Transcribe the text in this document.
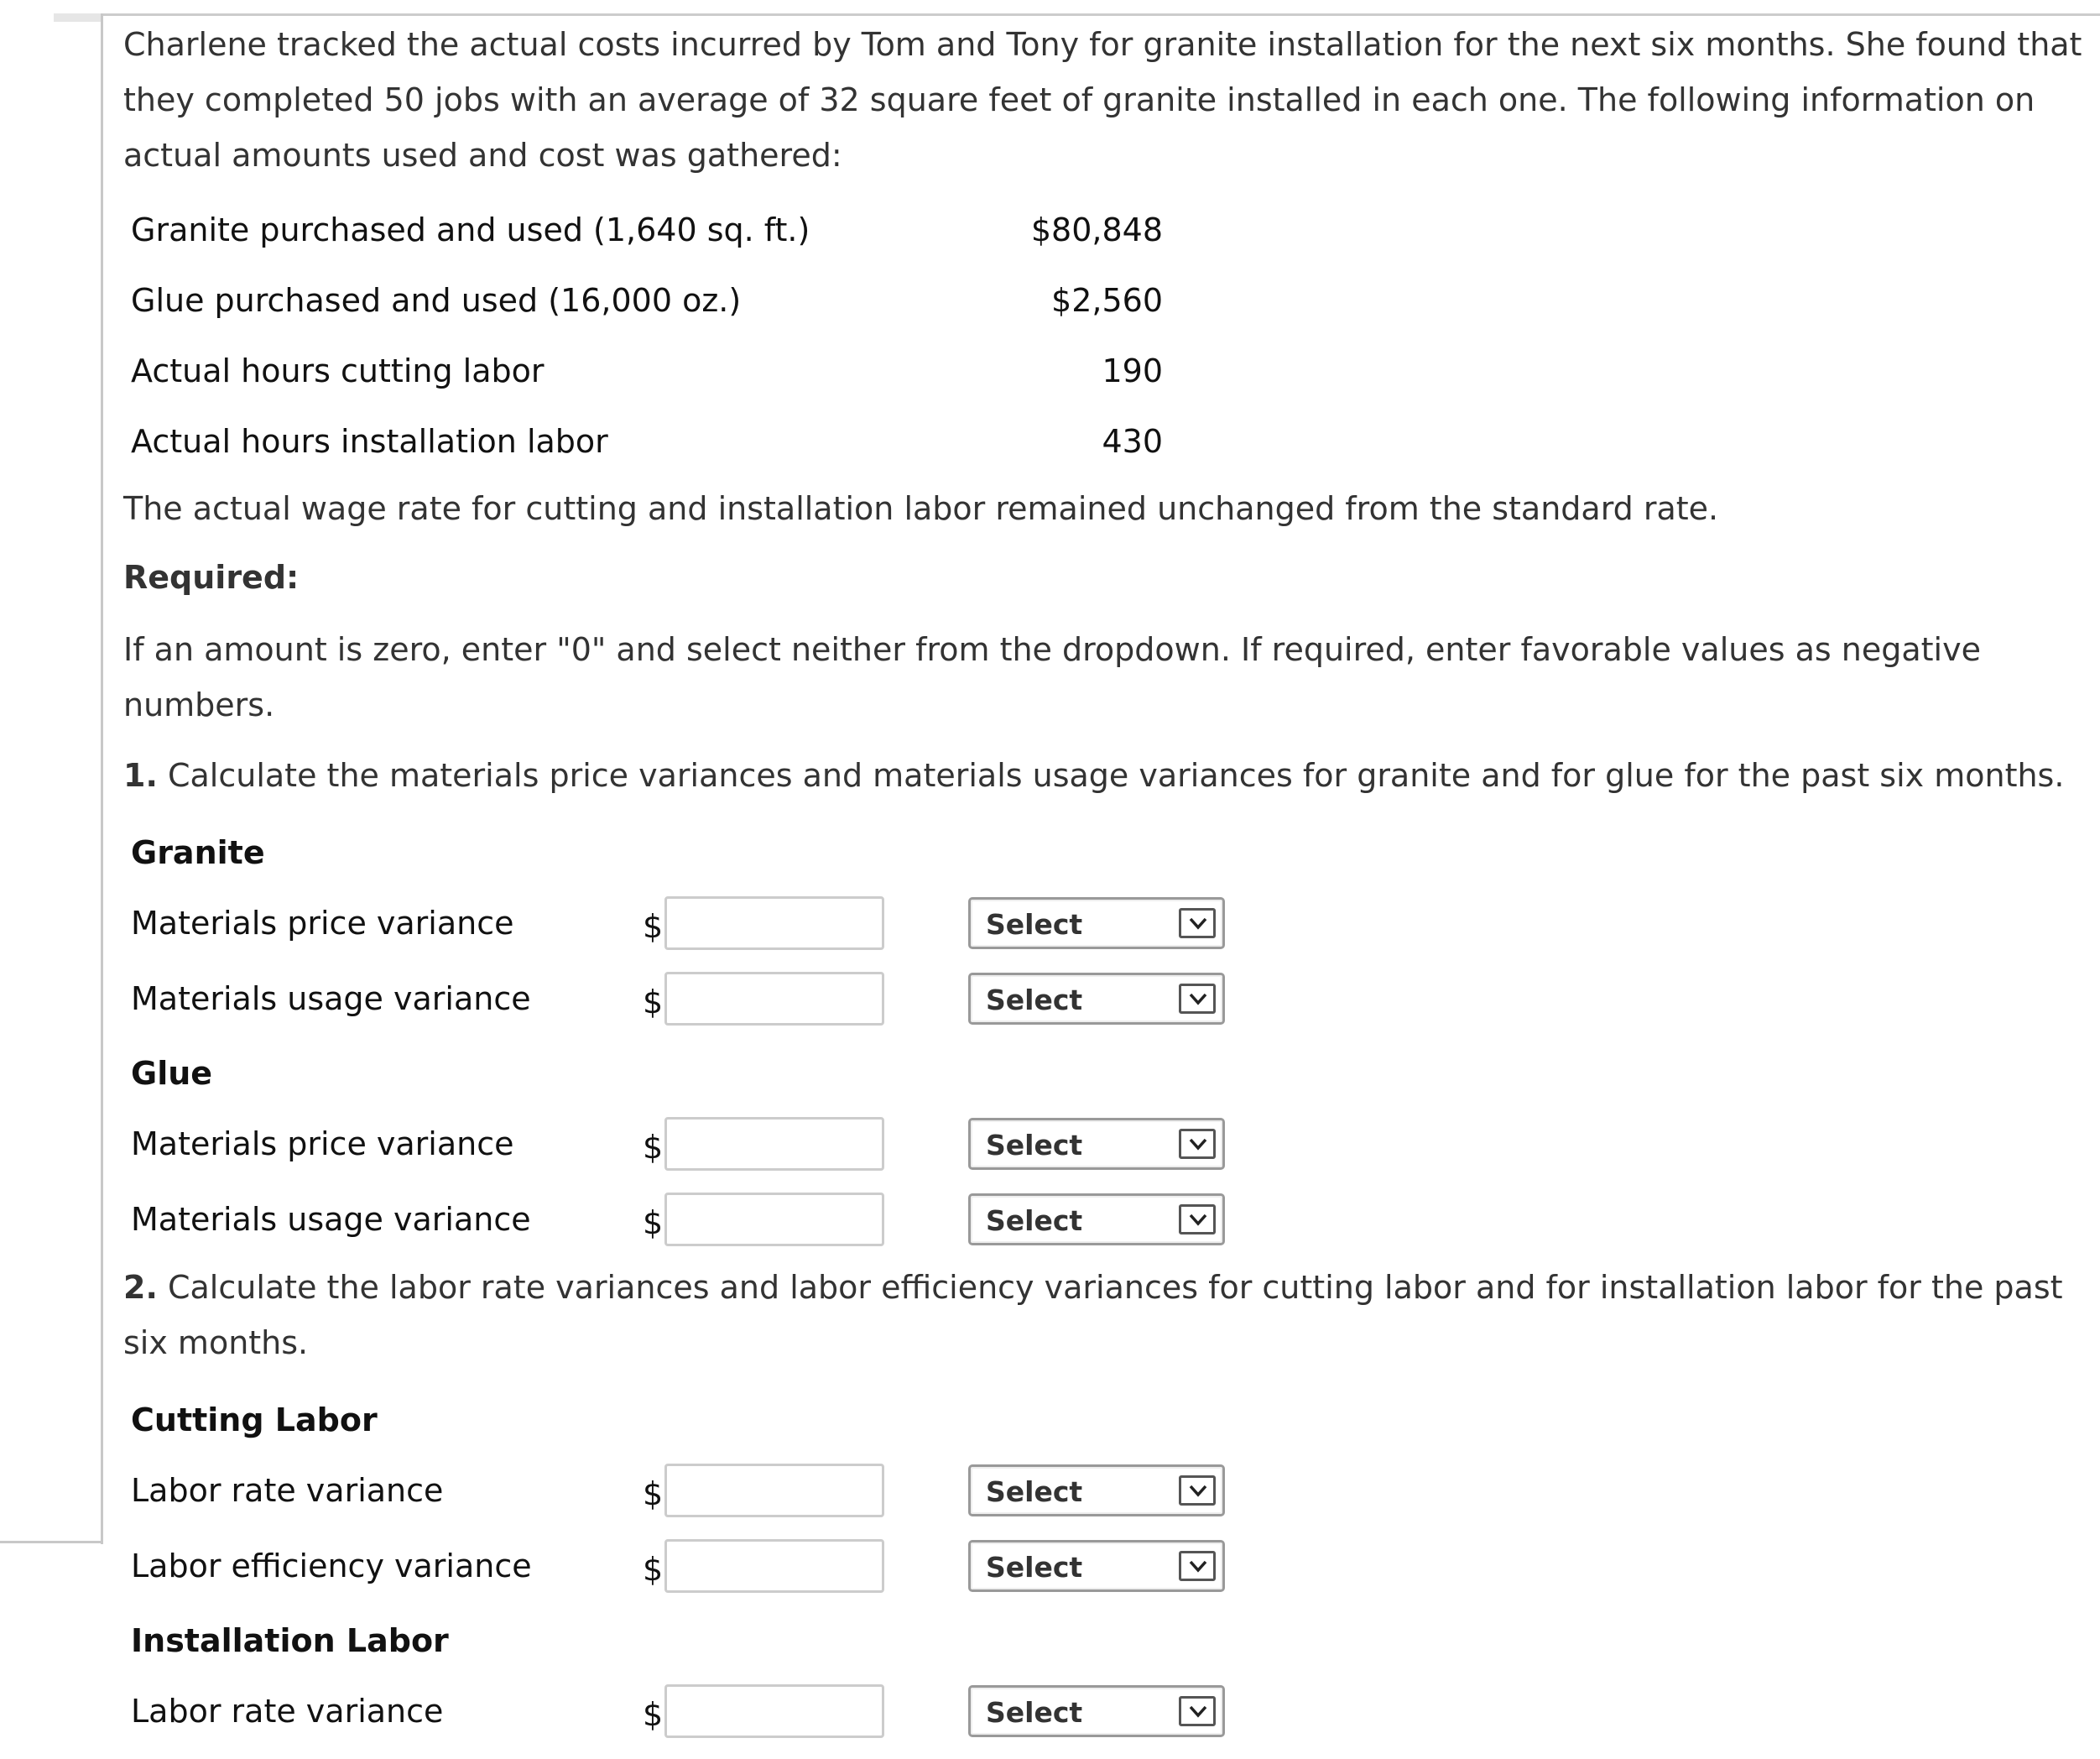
Charlene tracked the actual costs incurred by Tom and Tony for granite installation for the next six months. She found that
they completed 50 jobs with an average of 32 square feet of granite installed in each one. The following information on
actual amounts used and cost was gathered:
Granite purchased and used (1,640 sq. ft.)	$80,848
Glue purchased and used (16,000 oz.)	$2,560
Actual hours cutting labor	190
Actual hours installation labor	430
The actual wage rate for cutting and installation labor remained unchanged from the standard rate.
Required:
If an amount is zero, enter "0" and select neither from the dropdown. If required, enter favorable values as negative
numbers.
1. Calculate the materials price variances and materials usage variances for granite and for glue for the past six months.
Granite
Materials price variance	$	Select
Materials usage variance	$	Select
Glue
Materials price variance	$	Select
Materials usage variance	$	Select
2. Calculate the labor rate variances and labor efficiency variances for cutting labor and for installation labor for the past
six months.
Cutting Labor
Labor rate variance	$	Select
Labor efficiency variance	$	Select
Installation Labor
Labor rate variance	$	Select
